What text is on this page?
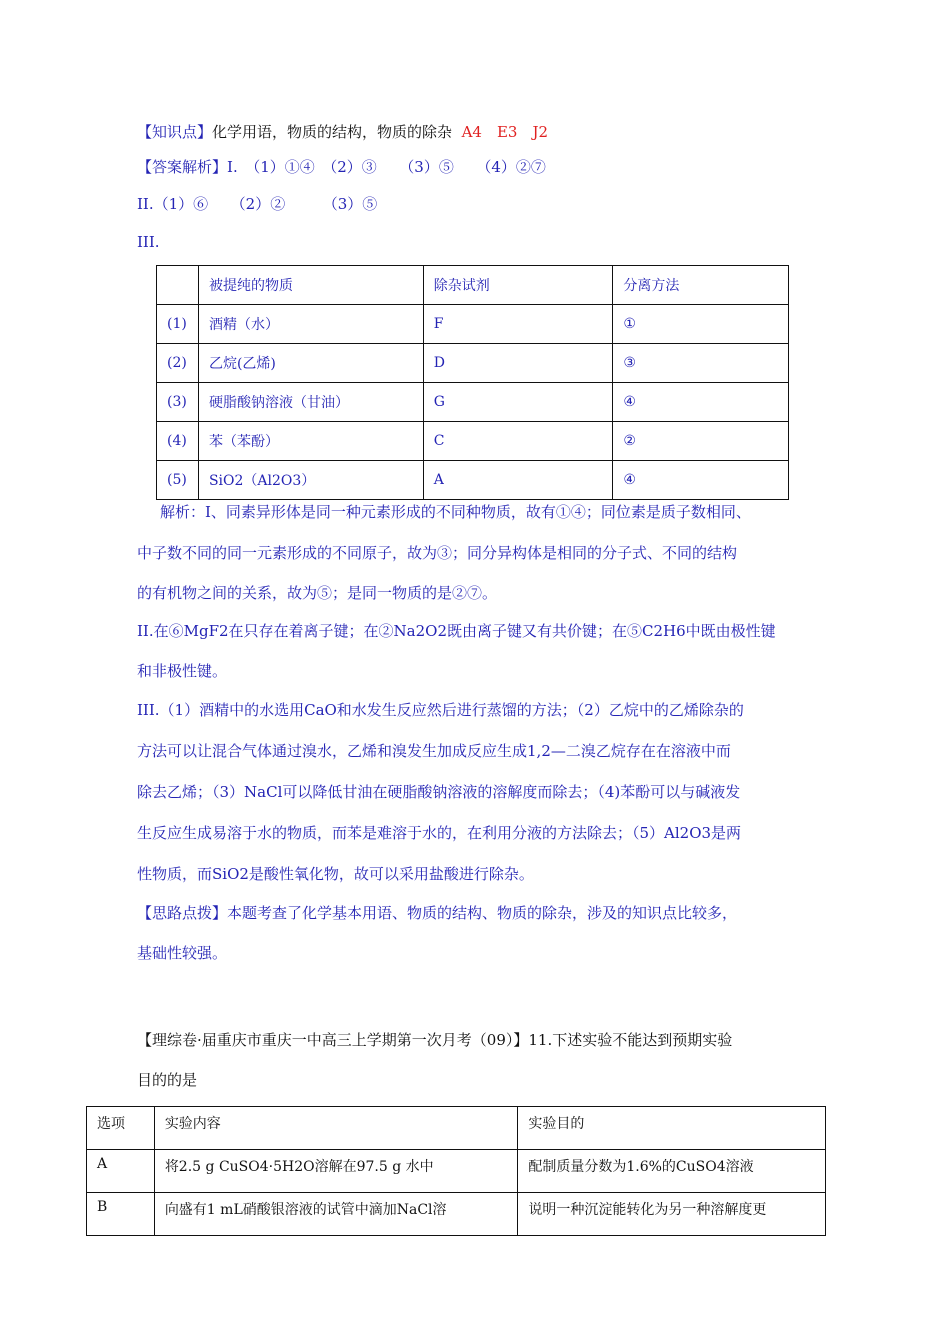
【知识点】化学用语，物质的结构，物质的除杂 A4　E3　J2
【答案解析】I.　（1）①④　（2）③　　（3）⑤　　（4）②⑦
II.（1）⑥　　（2）②　　　（3）⑤
III.
	被提纯的物质	除杂试剂	分离方法
(1)	酒精（水）	F	①
(2)	乙烷(乙烯)	D	③
(3)	硬脂酸钠溶液（甘油）	G	④
(4)	苯（苯酚）	C	②
(5)	SiO2（Al2O3）	A	④
解析：I、同素异形体是同一种元素形成的不同种物质，故有①④；同位素是质子数相同、
中子数不同的同一元素形成的不同原子，故为③；同分异构体是相同的分子式、不同的结构
的有机物之间的关系，故为⑤；是同一物质的是②⑦。
II.在⑥MgF2在只存在着离子键；在②Na2O2既由离子键又有共价键；在⑤C2H6中既由极性键
和非极性键。
III.（1）酒精中的水选用CaO和水发生反应然后进行蒸馏的方法；（2）乙烷中的乙烯除杂的
方法可以让混合气体通过溴水，乙烯和溴发生加成反应生成1,2—二溴乙烷存在在溶液中而
除去乙烯；（3）NaCl可以降低甘油在硬脂酸钠溶液的溶解度而除去；（4)苯酚可以与碱液发
生反应生成易溶于水的物质，而苯是难溶于水的，在利用分液的方法除去；（5）Al2O3是两
性物质，而SiO2是酸性氧化物，故可以采用盐酸进行除杂。
【思路点拨】本题考查了化学基本用语、物质的结构、物质的除杂，涉及的知识点比较多，
基础性较强。
【理综卷·届重庆市重庆一中高三上学期第一次月考（09）】11.下述实验不能达到预期实验
目的的是
选项	实验内容	实验目的
A	将2.5 g CuSO4·5H2O溶解在97.5 g 水中	配制质量分数为1.6%的CuSO4溶液
B	向盛有1 mL硝酸银溶液的试管中滴加NaCl溶	说明一种沉淀能转化为另一种溶解度更
